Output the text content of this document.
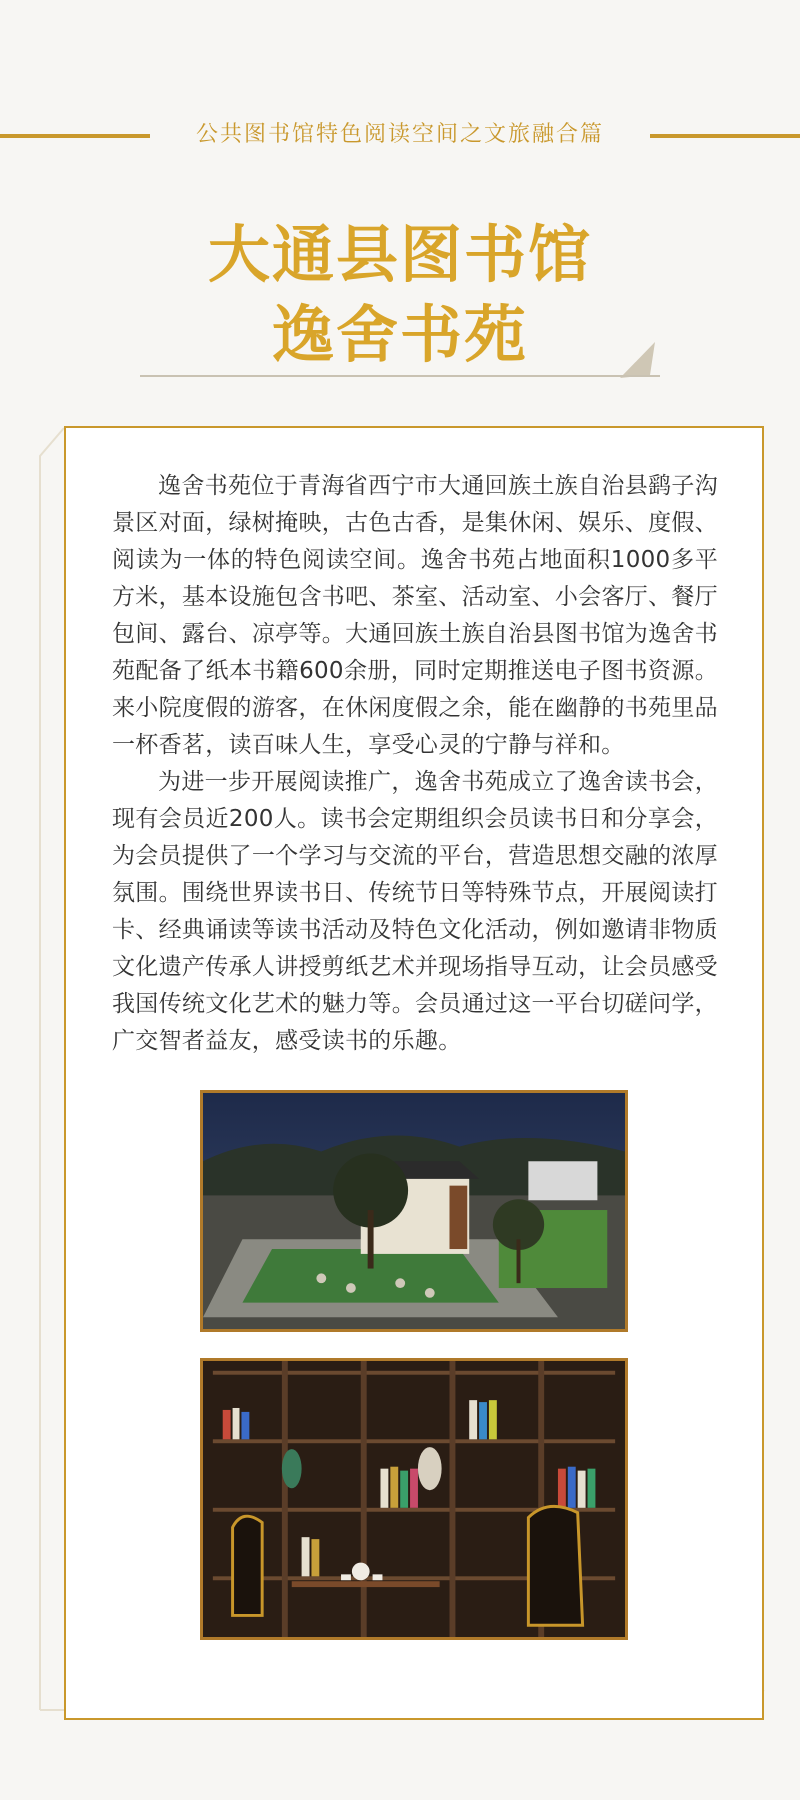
公共图书馆特色阅读空间之文旅融合篇
大通县图书馆
逸舍书苑

逸舍书苑位于青海省西宁市大通回族土族自治县鹞子沟景区对面，绿树掩映，古色古香，是集休闲、娱乐、度假、阅读为一体的特色阅读空间。逸舍书苑占地面积1000多平方米，基本设施包含书吧、茶室、活动室、小会客厅、餐厅包间、露台、凉亭等。大通回族土族自治县图书馆为逸舍书苑配备了纸本书籍600余册，同时定期推送电子图书资源。来小院度假的游客，在休闲度假之余，能在幽静的书苑里品一杯香茗，读百味人生，享受心灵的宁静与祥和。

为进一步开展阅读推广，逸舍书苑成立了逸舍读书会，现有会员近200人。读书会定期组织会员读书日和分享会，为会员提供了一个学习与交流的平台，营造思想交融的浓厚氛围。围绕世界读书日、传统节日等特殊节点，开展阅读打卡、经典诵读等读书活动及特色文化活动，例如邀请非物质文化遗产传承人讲授剪纸艺术并现场指导互动，让会员感受我国传统文化艺术的魅力等。会员通过这一平台切磋问学，广交智者益友，感受读书的乐趣。
